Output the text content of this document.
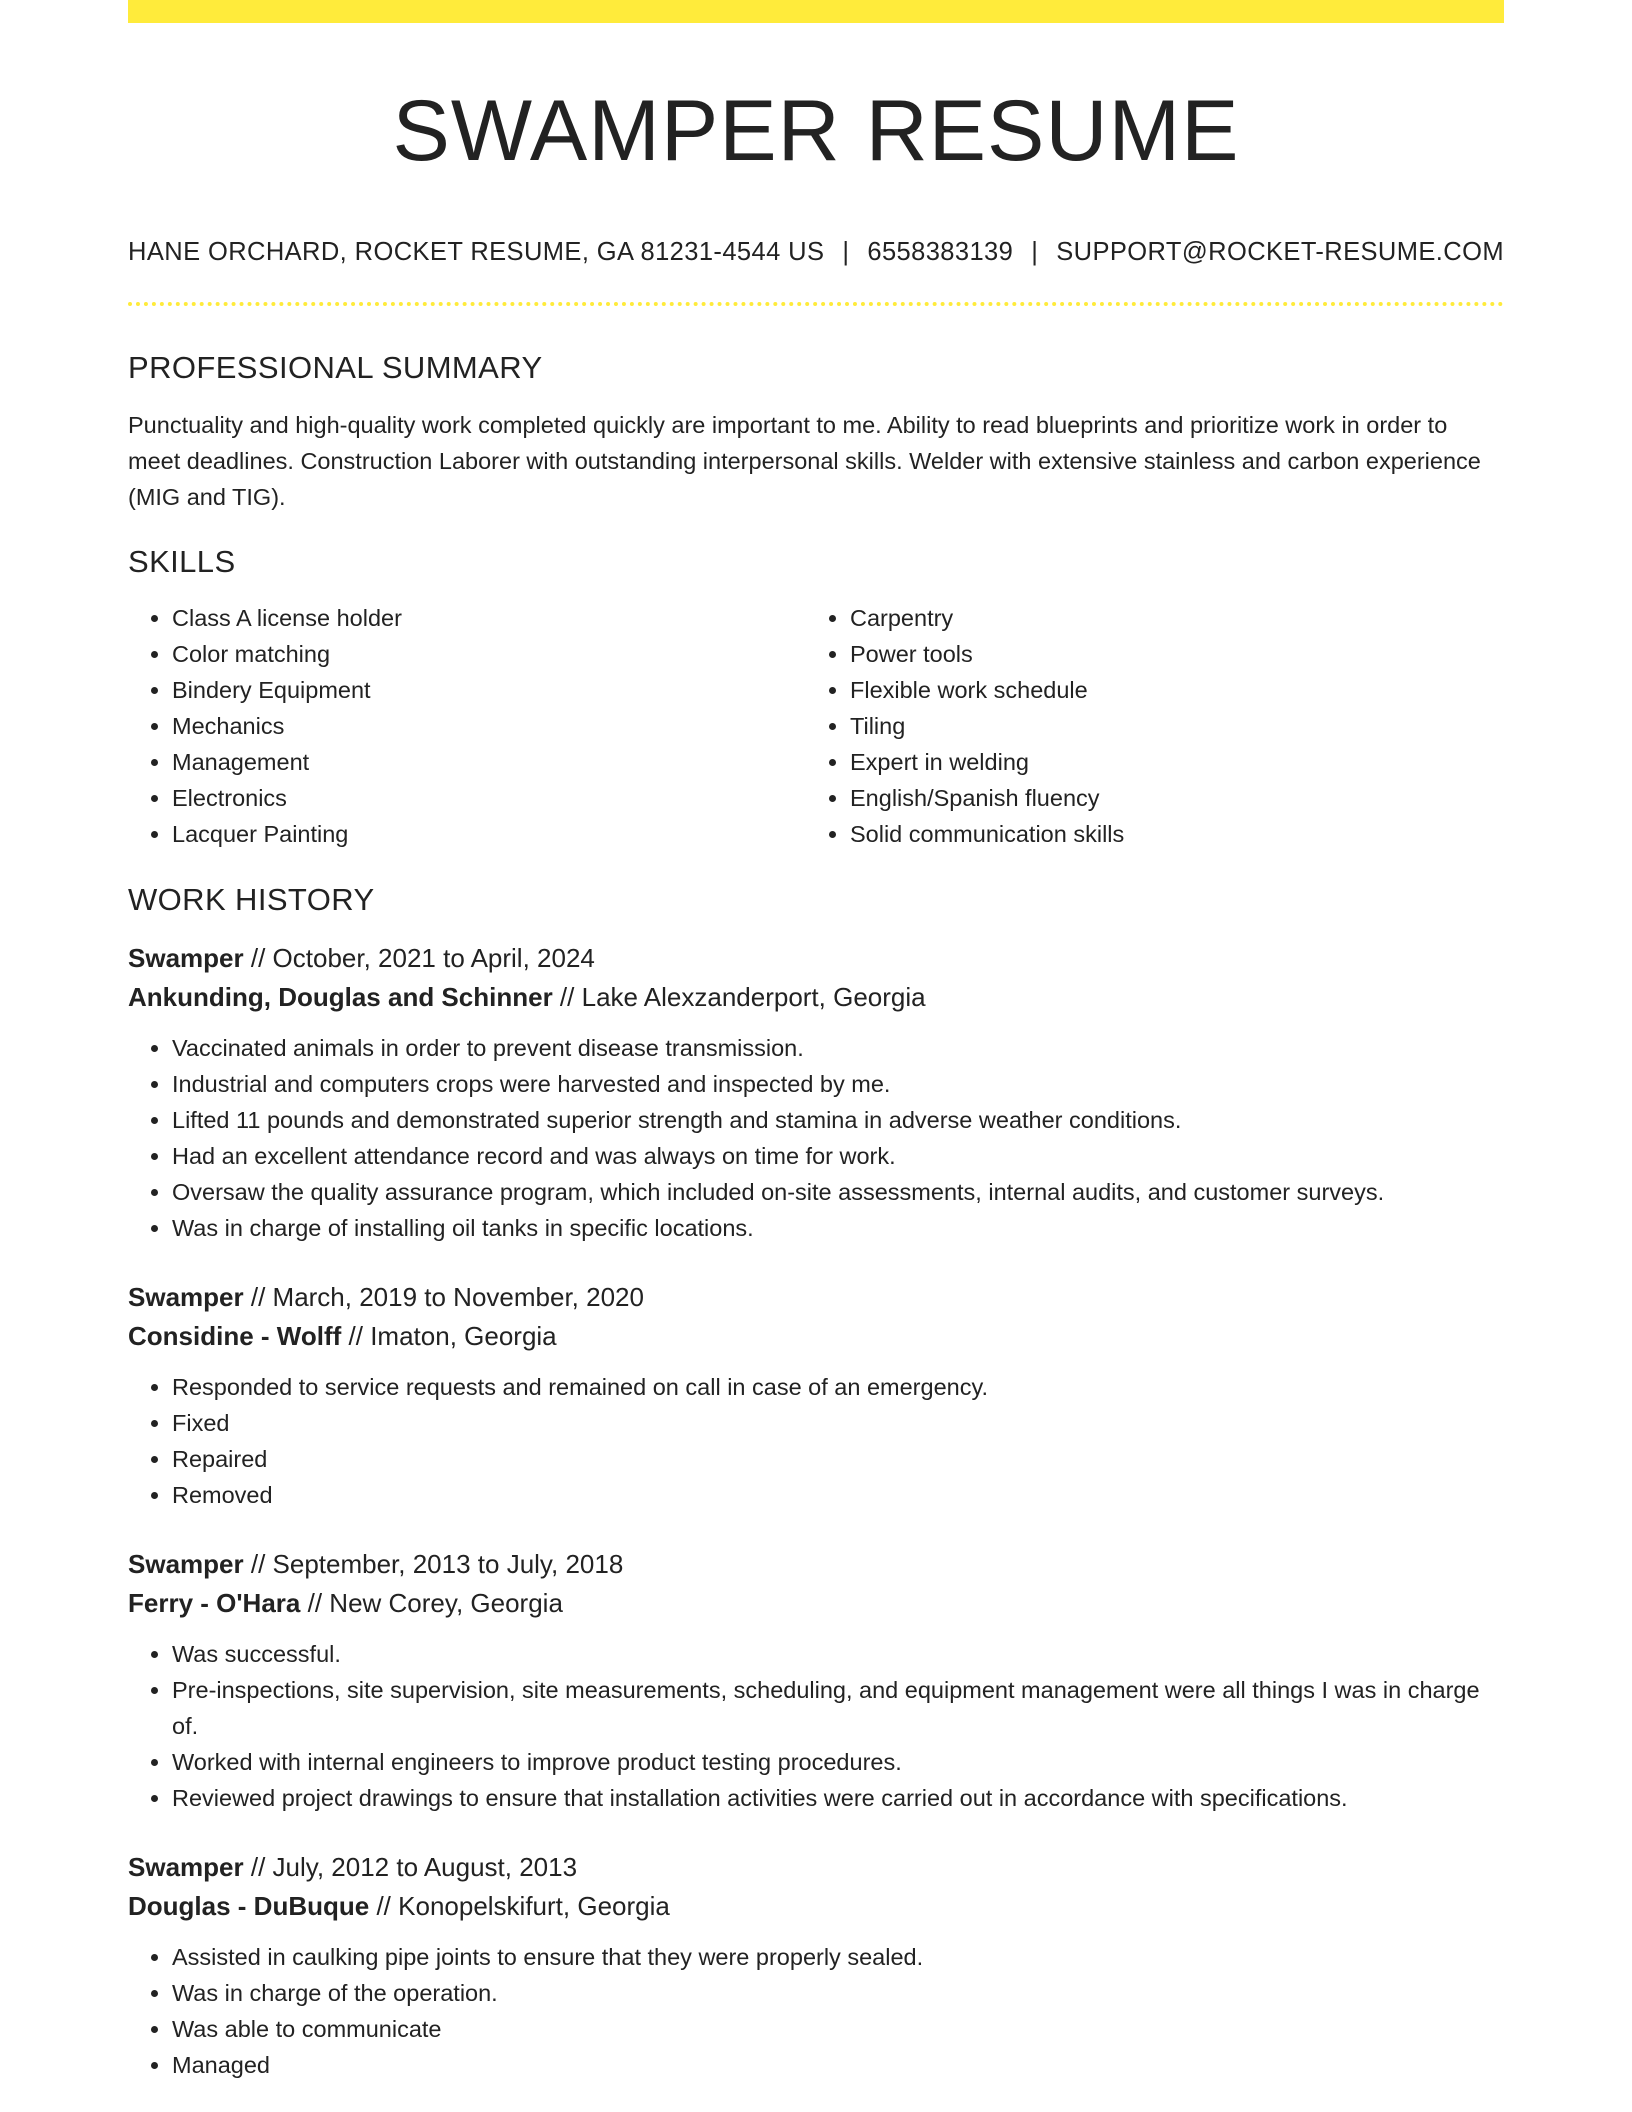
SWAMPER RESUME
HANE ORCHARD, ROCKET RESUME, GA 81231-4544 US | 6558383139 | SUPPORT@ROCKET-RESUME.COM
PROFESSIONAL SUMMARY

Punctuality and high-quality work completed quickly are important to me. Ability to read blueprints and prioritize work in order to meet deadlines. Construction Laborer with outstanding interpersonal skills. Welder with extensive stainless and carbon experience (MIG and TIG).

SKILLS
• Class A license holder
• Color matching
• Bindery Equipment
• Mechanics
• Management
• Electronics
• Lacquer Painting
• Carpentry
• Power tools
• Flexible work schedule
• Tiling
• Expert in welding
• English/Spanish fluency
• Solid communication skills
WORK HISTORY
Swamper // October, 2021 to April, 2024
Ankunding, Douglas and Schinner // Lake Alexzanderport, Georgia
• Vaccinated animals in order to prevent disease transmission.
• Industrial and computers crops were harvested and inspected by me.
• Lifted 11 pounds and demonstrated superior strength and stamina in adverse weather conditions.
• Had an excellent attendance record and was always on time for work.
• Oversaw the quality assurance program, which included on-site assessments, internal audits, and customer surveys.
• Was in charge of installing oil tanks in specific locations.
Swamper // March, 2019 to November, 2020
Considine - Wolff // Imaton, Georgia
• Responded to service requests and remained on call in case of an emergency.
• Fixed
• Repaired
• Removed
Swamper // September, 2013 to July, 2018
Ferry - O'Hara // New Corey, Georgia
• Was successful.
• Pre-inspections, site supervision, site measurements, scheduling, and equipment management were all things I was in charge of.
• Worked with internal engineers to improve product testing procedures.
• Reviewed project drawings to ensure that installation activities were carried out in accordance with specifications.
Swamper // July, 2012 to August, 2013
Douglas - DuBuque // Konopelskifurt, Georgia
• Assisted in caulking pipe joints to ensure that they were properly sealed.
• Was in charge of the operation.
• Was able to communicate
• Managed
